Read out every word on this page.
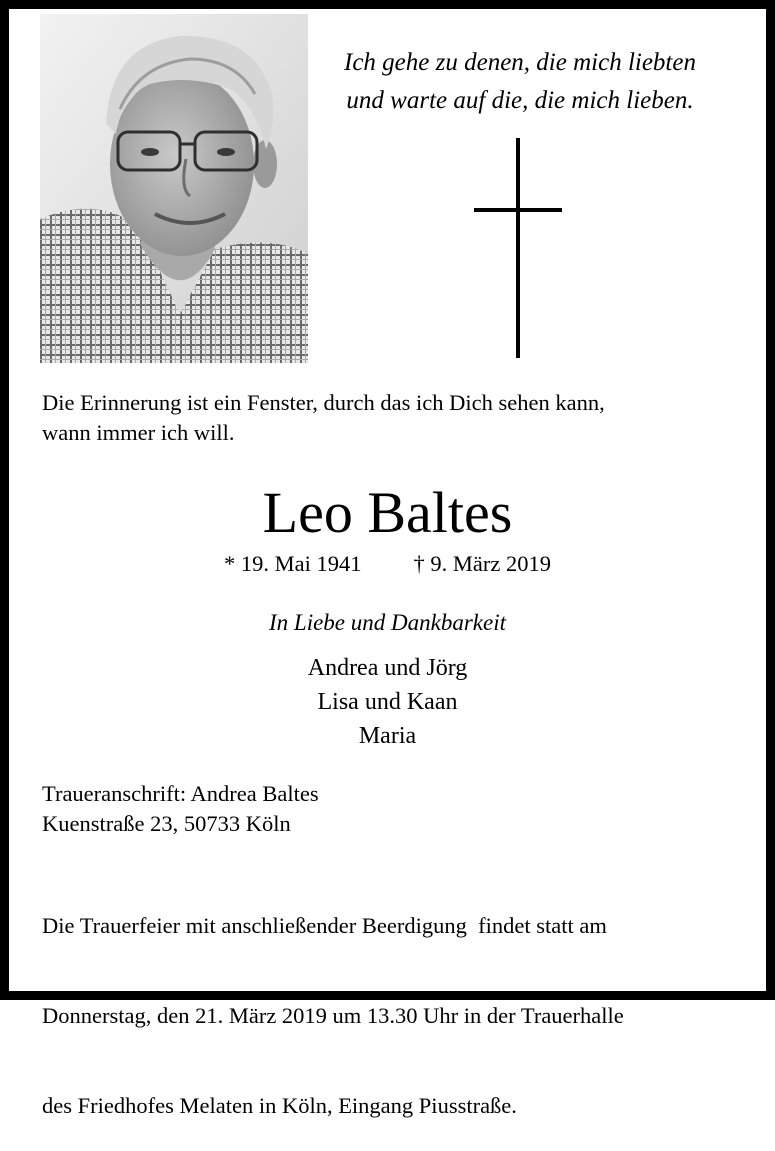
Ich gehe zu denen, die mich liebten
und warte auf die, die mich lieben.
Die Erinnerung ist ein Fenster, durch das ich Dich sehen kann,
wann immer ich will.
Leo Baltes
* 19. Mai 1941 † 9. März 2019
In Liebe und Dankbarkeit
Andrea und Jörg
Lisa und Kaan
Maria
Traueranschrift: Andrea Baltes
Kuenstraße 23, 50733 Köln

Die Trauerfeier mit anschließender Beerdigung  findet statt am

Donnerstag, den 21. März 2019 um 13.30 Uhr in der Trauerhalle

des Friedhofes Melaten in Köln, Eingang Piusstraße.
